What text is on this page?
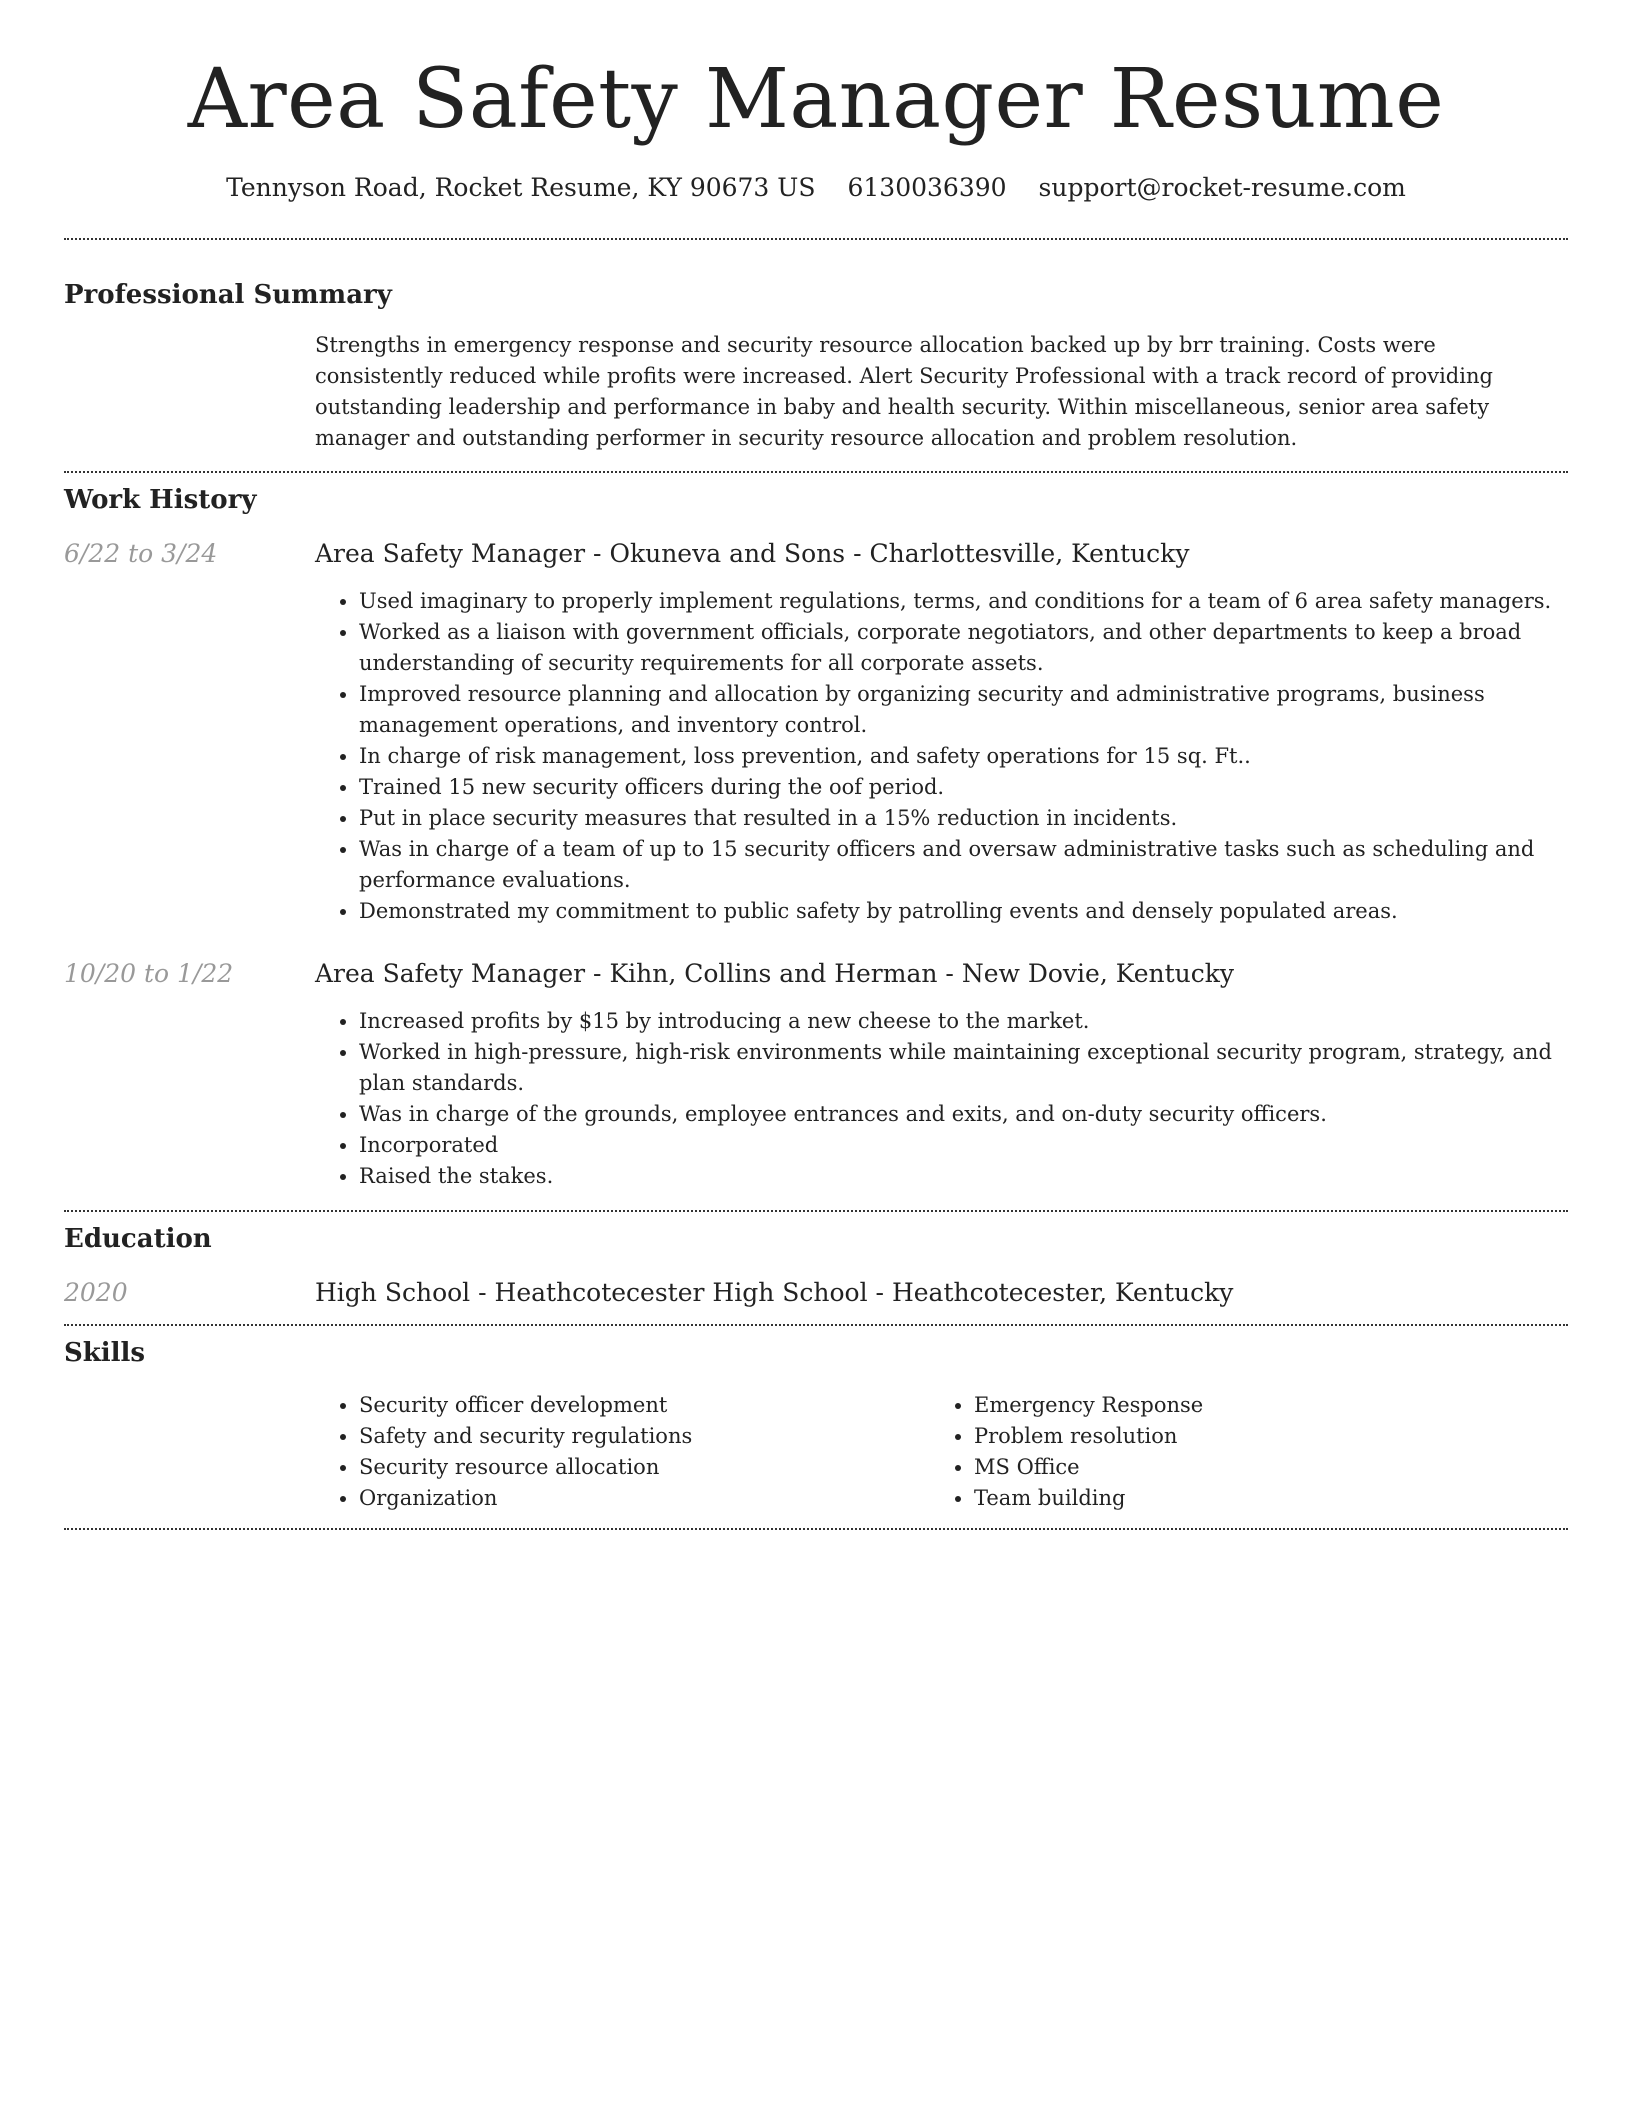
Area Safety Manager Resume
Tennyson Road, Rocket Resume, KY 90673 US 6130036390 support@rocket-resume.com
Professional Summary

Strengths in emergency response and security resource allocation backed up by brr training. Costs were consistently reduced while profits were increased. Alert Security Professional with a track record of providing outstanding leadership and performance in baby and health security. Within miscellaneous, senior area safety manager and outstanding performer in security resource allocation and problem resolution.

Work History
6/22 to 3/24	Area Safety Manager - Okuneva and Sons - Charlottesville, Kentucky
• Used imaginary to properly implement regulations, terms, and conditions for a team of 6 area safety managers.
• Worked as a liaison with government officials, corporate negotiators, and other departments to keep a broad understanding of security requirements for all corporate assets.
• Improved resource planning and allocation by organizing security and administrative programs, business management operations, and inventory control.
• In charge of risk management, loss prevention, and safety operations for 15 sq. Ft..
• Trained 15 new security officers during the oof period.
• Put in place security measures that resulted in a 15% reduction in incidents.
• Was in charge of a team of up to 15 security officers and oversaw administrative tasks such as scheduling and performance evaluations.
• Demonstrated my commitment to public safety by patrolling events and densely populated areas.
10/20 to 1/22	Area Safety Manager - Kihn, Collins and Herman - New Dovie, Kentucky
• Increased profits by $15 by introducing a new cheese to the market.
• Worked in high-pressure, high-risk environments while maintaining exceptional security program, strategy, and plan standards.
• Was in charge of the grounds, employee entrances and exits, and on-duty security officers.
• Incorporated
• Raised the stakes.
Education
2020	High School - Heathcotecester High School - Heathcotecester, Kentucky
Skills
• Security officer development
• Safety and security regulations
• Security resource allocation
• Organization
• Emergency Response
• Problem resolution
• MS Office
• Team building
